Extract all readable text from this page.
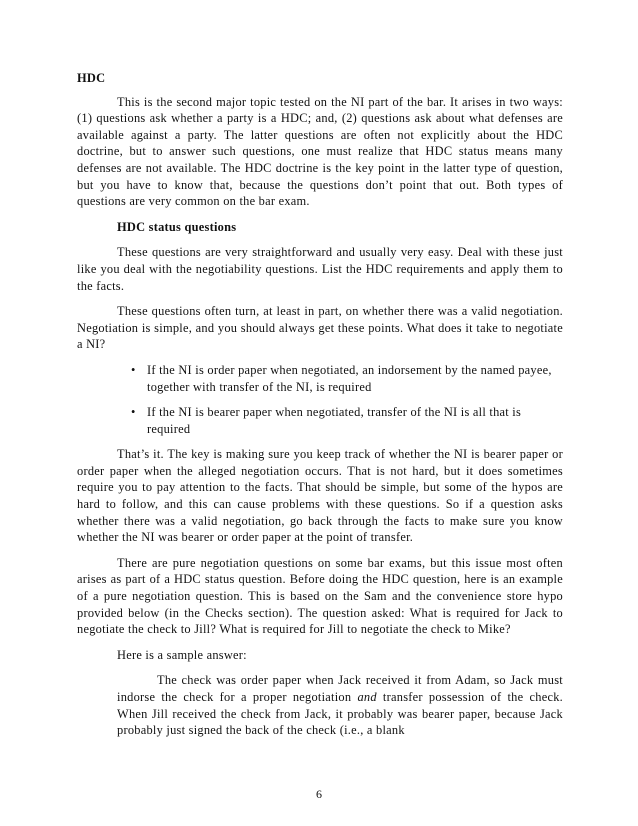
HDC

This is the second major topic tested on the NI part of the bar. It arises in two ways: (1) questions ask whether a party is a HDC; and, (2) questions ask about what defenses are available against a party. The latter questions are often not explicitly about the HDC doctrine, but to answer such questions, one must realize that HDC status means many defenses are not available. The HDC doctrine is the key point in the latter type of question, but you have to know that, because the questions don’t point that out. Both types of questions are very common on the bar exam.

HDC status questions

These questions are very straightforward and usually very easy. Deal with these just like you deal with the negotiability questions. List the HDC requirements and apply them to the facts.

These questions often turn, at least in part, on whether there was a valid negotiation. Negotiation is simple, and you should always get these points. What does it take to negotiate a NI?

• If the NI is order paper when negotiated, an indorsement by the named payee, together with transfer of the NI, is required
• If the NI is bearer paper when negotiated, transfer of the NI is all that is required

That’s it. The key is making sure you keep track of whether the NI is bearer paper or order paper when the alleged negotiation occurs. That is not hard, but it does sometimes require you to pay attention to the facts. That should be simple, but some of the hypos are hard to follow, and this can cause problems with these questions. So if a question asks whether there was a valid negotiation, go back through the facts to make sure you know whether the NI was bearer or order paper at the point of transfer.

There are pure negotiation questions on some bar exams, but this issue most often arises as part of a HDC status question. Before doing the HDC question, here is an example of a pure negotiation question. This is based on the Sam and the convenience store hypo provided below (in the Checks section). The question asked: What is required for Jack to negotiate the check to Jill? What is required for Jill to negotiate the check to Mike?

Here is a sample answer:

The check was order paper when Jack received it from Adam, so Jack must indorse the check for a proper negotiation and transfer possession of the check. When Jill received the check from Jack, it probably was bearer paper, because Jack probably just signed the back of the check (i.e., a blank

6
